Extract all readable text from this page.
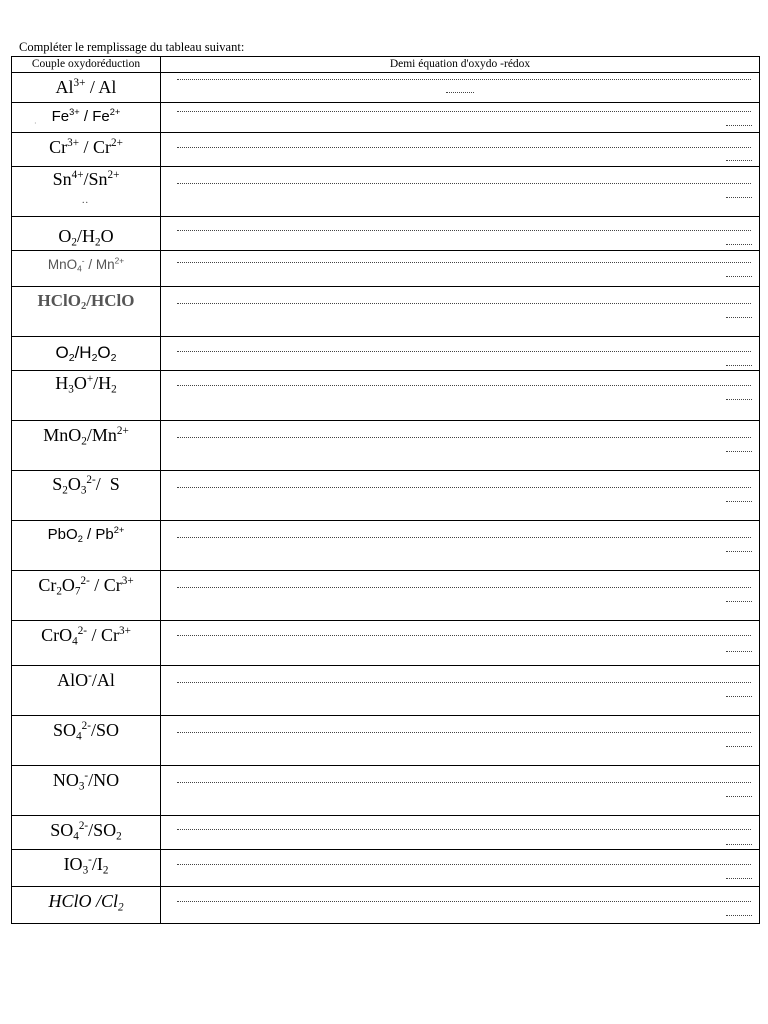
Compléter le remplissage du tableau suivant:
Couple oxydoréduction	Demi équation d'oxydo -rédox
$Al^{3+}$ / Al	

$Fe^{3+} / Fe^{2+}$
·	

$Cr^{3+} / Cr^{2+}$	

$Sn^{4+}/Sn^{2+}$
..	

$O_2/H_2O$	

$MnO_4^- / Mn^{2+}$	

HClO$_2$/HClO	

$O_2/H_2O_2$	

$H_3O^+/H_2$	

$MnO_2/Mn^{2+}$	

$S_2O_3^{2-}/$  S	

$PbO_2 / Pb^{2+}$	

$Cr_2O_7^{2-} / Cr^{3+}$	

$CrO_4^{2-} / Cr^{3+}$	

AlO-/Al	

$SO_4^{2-}/SO$	

$NO_3^-/NO$	

$SO_4^{2-}/SO_2$	

$IO_3^-/I_2$	

HClO $/Cl_2$	
